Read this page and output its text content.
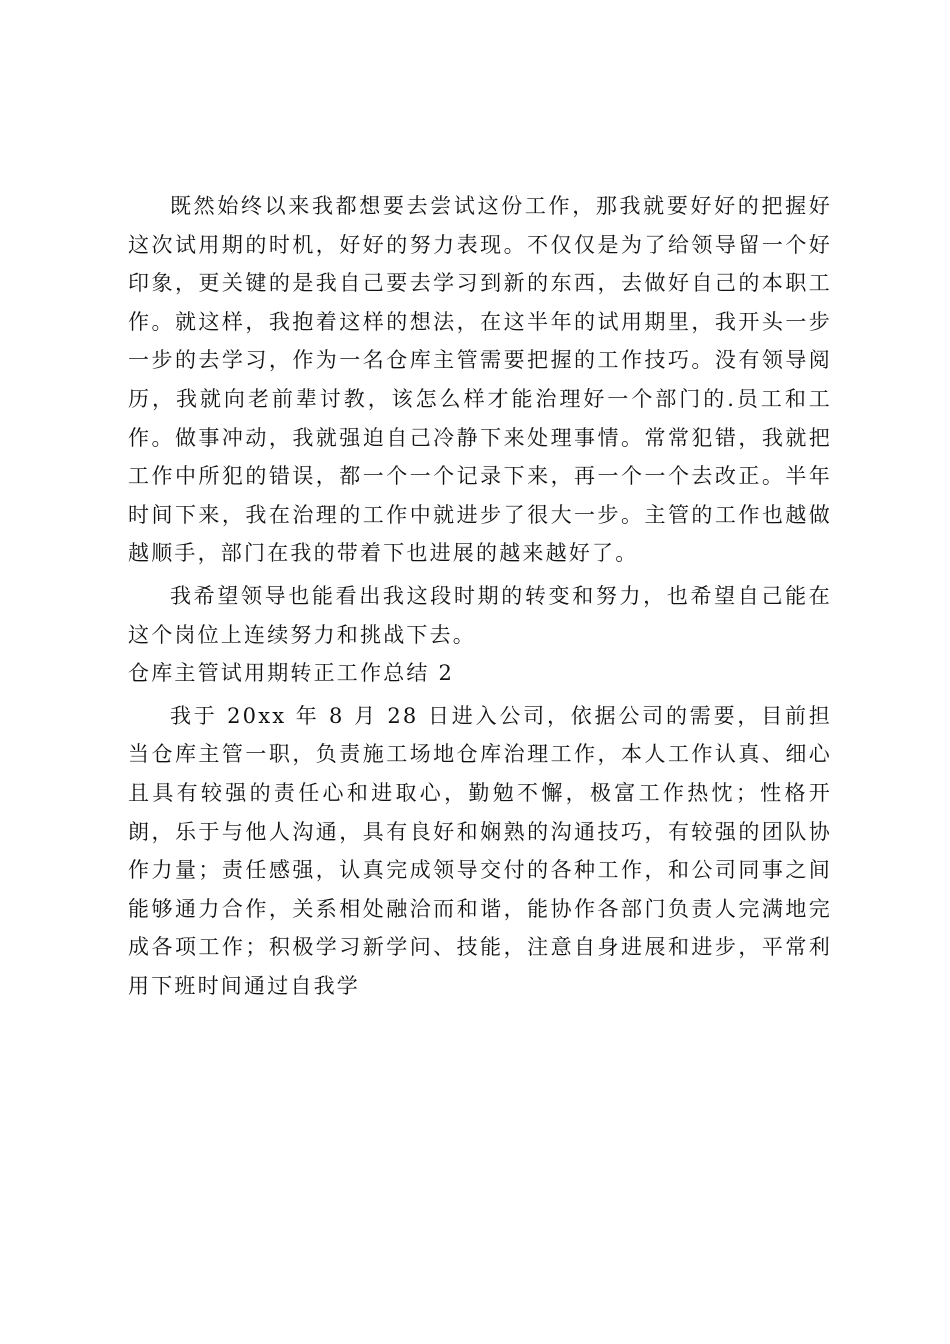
既然始终以来我都想要去尝试这份工作，那我就要好好的把握好这次试用期的时机，好好的努力表现。不仅仅是为了给领导留一个好印象，更关键的是我自己要去学习到新的东西，去做好自己的本职工作。就这样，我抱着这样的想法，在这半年的试用期里，我开头一步一步的去学习，作为一名仓库主管需要把握的工作技巧。没有领导阅历，我就向老前辈讨教，该怎么样才能治理好一个部门的.员工和工作。做事冲动，我就强迫自己冷静下来处理事情。常常犯错，我就把工作中所犯的错误，都一个一个记录下来，再一个一个去改正。半年时间下来，我在治理的工作中就进步了很大一步。主管的工作也越做越顺手，部门在我的带着下也进展的越来越好了。

我希望领导也能看出我这段时期的转变和努力，也希望自己能在这个岗位上连续努力和挑战下去。

仓库主管试用期转正工作总结 2

我于 20xx 年 8 月 28 日进入公司，依据公司的需要，目前担当仓库主管一职，负责施工场地仓库治理工作，本人工作认真、细心且具有较强的责任心和进取心，勤勉不懈，极富工作热忱；性格开朗，乐于与他人沟通，具有良好和娴熟的沟通技巧，有较强的团队协作力量；责任感强，认真完成领导交付的各种工作，和公司同事之间能够通力合作，关系相处融洽而和谐，能协作各部门负责人完满地完成各项工作；积极学习新学问、技能，注意自身进展和进步，平常利用下班时间通过自我学
